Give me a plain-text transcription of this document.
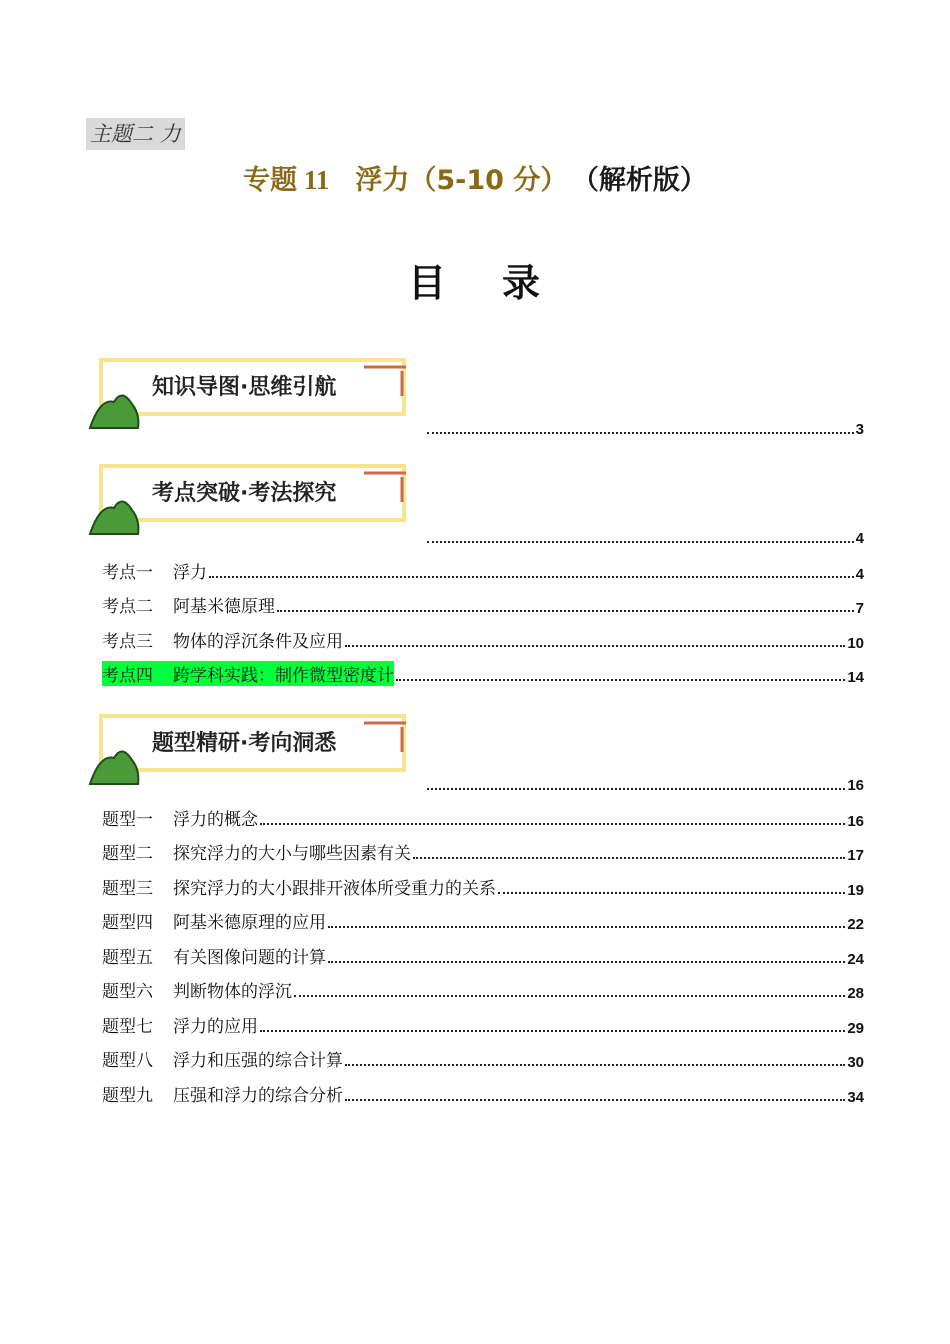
主题二 力
专题 11 浮力（5-10 分） （解析版）
目 录
知识导图·思维引航
3
考点突破·考法探究
4
考点一 浮力	4
考点二 阿基米德原理	7
考点三 物体的浮沉条件及应用	10
考点四 跨学科实践：制作微型密度计	14
题型精研·考向洞悉
16
题型一 浮力的概念	16
题型二 探究浮力的大小与哪些因素有关	17
题型三 探究浮力的大小跟排开液体所受重力的关系	19
题型四 阿基米德原理的应用	22
题型五 有关图像问题的计算	24
题型六 判断物体的浮沉	28
题型七 浮力的应用	29
题型八 浮力和压强的综合计算	30
题型九 压强和浮力的综合分析	34
